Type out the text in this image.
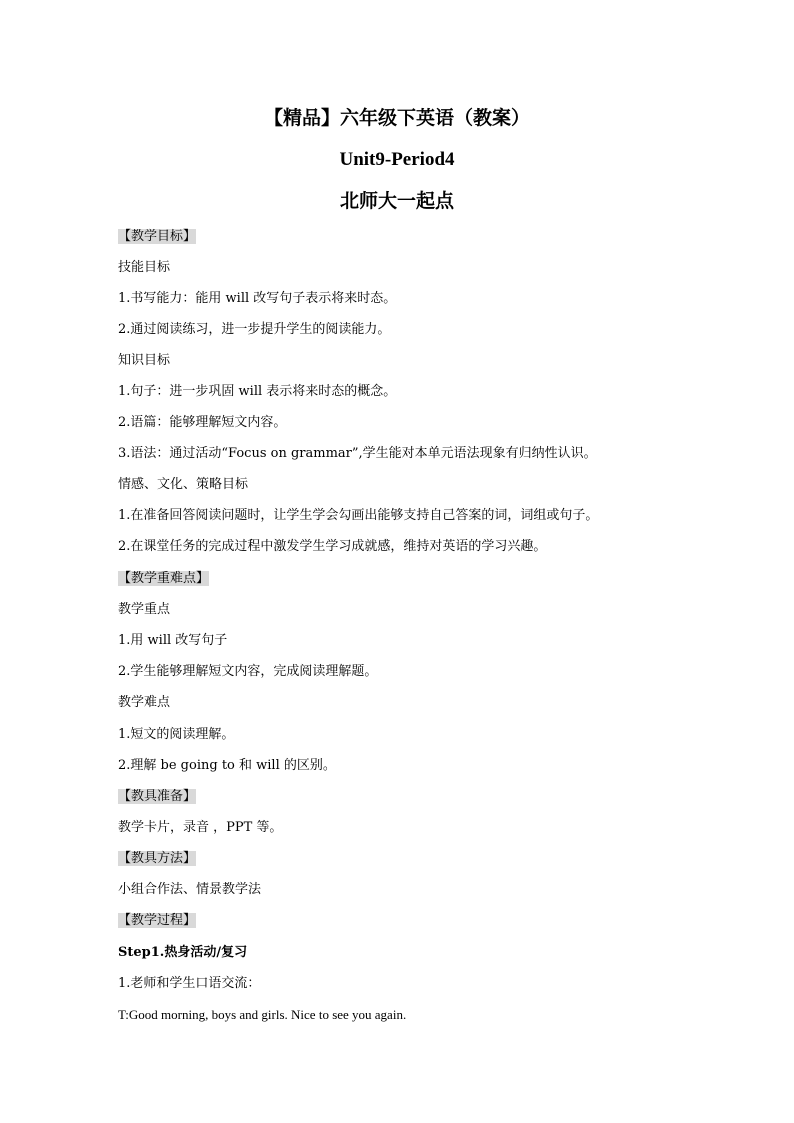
【精品】六年级下英语（教案）
Unit9-Period4
北师大一起点
【教学目标】
技能目标
1.书写能力：能用 will 改写句子表示将来时态。
2.通过阅读练习，进一步提升学生的阅读能力。
知识目标
1.句子：进一步巩固 will 表示将来时态的概念。
2.语篇：能够理解短文内容。
3.语法：通过活动“Focus on grammar”,学生能对本单元语法现象有归纳性认识。
情感、文化、策略目标
1.在准备回答阅读问题时，让学生学会勾画出能够支持自己答案的词，词组或句子。
2.在课堂任务的完成过程中激发学生学习成就感，维持对英语的学习兴趣。
【教学重难点】
教学重点
1.用 will 改写句子
2.学生能够理解短文内容，完成阅读理解题。
教学难点
1.短文的阅读理解。
2.理解 be going to 和 will 的区别。
【教具准备】
教学卡片，录音 ，PPT 等。
【教具方法】
小组合作法、情景教学法
【教学过程】
Step1.热身活动/复习
1.老师和学生口语交流：
T:Good morning, boys and girls. Nice to see you again.
